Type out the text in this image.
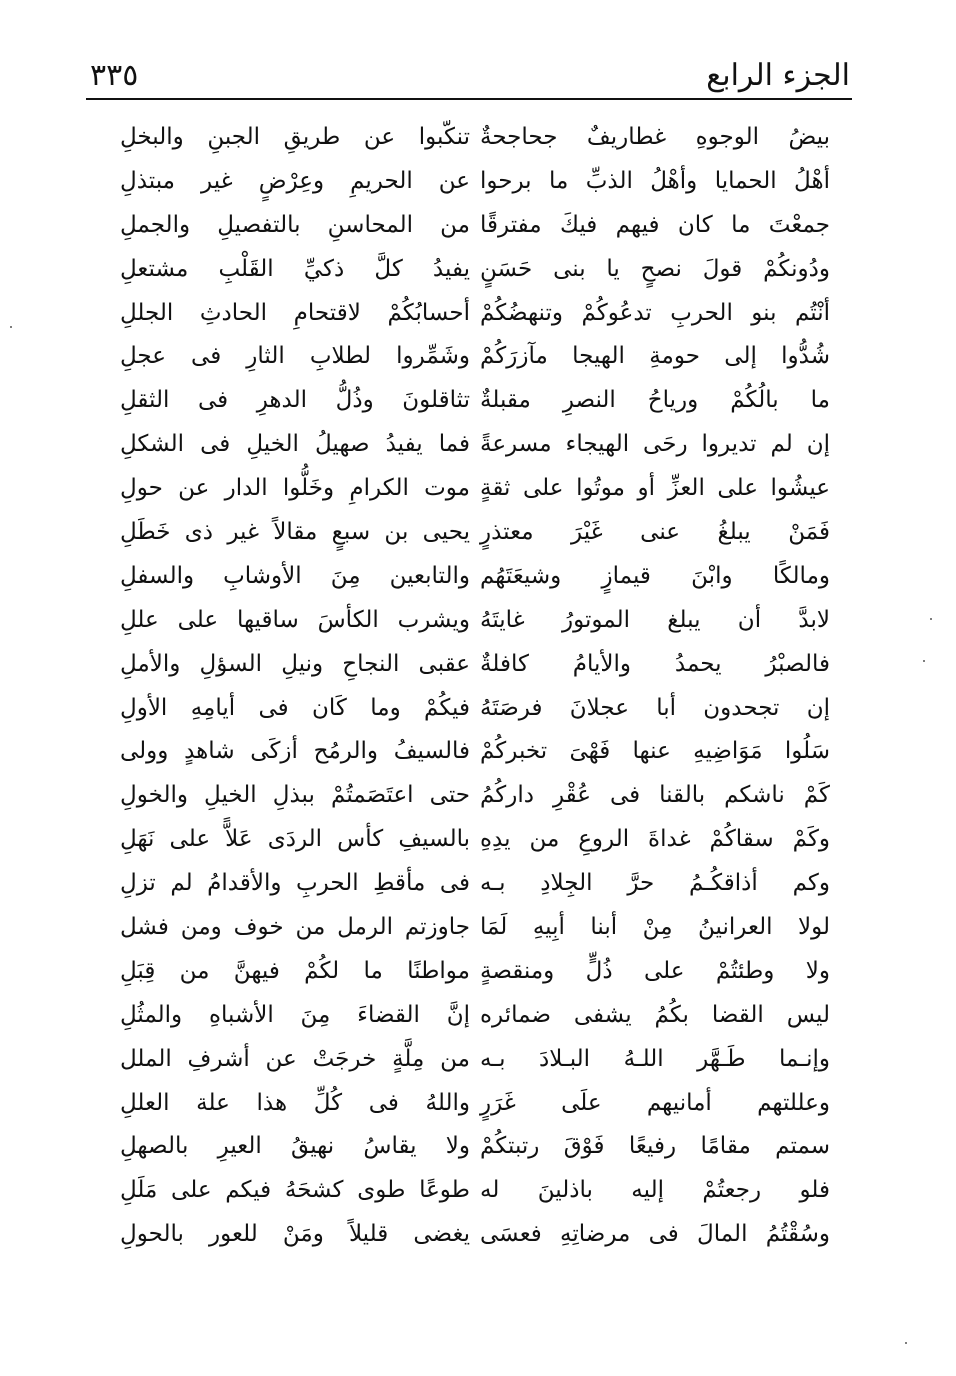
الجزء الرابع
٣٣٥
بيضُ الوجوهِ غطاريفٌ جحاجحةٌ
أهْلُ الحمايا وأهْلُ الذبِّ ما برحوا
جمعْتَ ما كان فيهم فيكَ مفترقًا
ودُونكُمْ قولَ نصحٍ يا بنى حَسَنٍ
أنْتُم بنو الحربِ تدعُوكُمْ وتنهضُكُمْ
شُدُّوا إلى حومةِ الهيجا مآزرَكُمْ
ما بالُكُمْ ورياحُ النصرِ مقبلةٌ
إن لم تديروا رحَى الهيجاء مسرعةً
عيشُوا على العزِّ أو موتُوا على ثقةٍ
فَمَنْ يبلغُ عنى غَيْرَ معتذرٍ
ومالكًا وابْنَ قيمازٍ وشيعَتَهُم
لابدَّ أن يبلغ الموتورُ غايتَهُ
فالصبْرُ يحمدُ والأيامُ كافلةٌ
إن تجحدون أبا عجلانَ فرصَتَهُ
سَلُوا مَوَاضِيهِ عنها فَهْىَ تخبركُمْ
كَمْ ناشكم بالقنا فى عُقْرِ داركُمُ
وكَمْ سقاكُمْ غداةَ الروعِ من يدِهِ
وكم أذاقكُـمُ حرَّ الجِلادِ بـه
لولا العرانينُ مِنْ أبنا أبِيهِ لَمَا
ولا وطئتُمْ على ذُلٍّ ومنقصةٍ
ليس القضا بكُمُ يشفى ضمائره
وإنـما طَـهَّر اللـهُ البـلادَ بـه
وعللتهم أمانيهم علَى غَرَرٍ
سمتم مقامًا رفيعًا فَوْقَ رتبتكُمْ
فلو رجعتُمْ إليه باذلينَ له
وسُقْتُمُ المالَ فى مرضاتِهِ فعسَى
تنكّبوا عن طريقِ الجبنِ والبخلِ
عن الحريمِ وعِرْضٍ غير مبتذلِ
من المحاسنِ بالتفصيلِ والجملِ
يفيدُ كلَّ ذكيِّ القَلْبِ مشتعلِ
أحسابُكُمْ لاقتحامِ الحادثِ الجللِ
وشَمِّروا لطلابِ الثارِ فى عجلِ
تثاقلونَ وذُلُّ الدهرِ فى الثقلِ
فما يفيدُ صهيلُ الخيلِ فى الشكلِ
موت الكرامِ وخَلُّوا الدار عن حولِ
يحيى بن سبعٍ مقالاً غير ذى خَطَلِ
والتابعين مِنَ الأوشابِ والسفلِ
ويشرب الكأسَ ساقيها على عللِ
عقبى النجاحِ ونيلِ السؤلِ والأملِ
فيكُمْ وما كَان فى أيامِهِ الأولِ
فالسيفُ والرمُح أزكَى شاهدٍ وولى
حتى اعتَصَمتُمْ ببذلِ الخيلِ والخولِ
بالسيفِ كأس الردَى عَلاًّ على نَهَلِ
فى مأقطِ الحربِ والأقدامُ لم تزلِ
جاوزتم الرمل من خوف ومن فشل
مواطنًا ما لكُمْ فيهنَّ من قِبَلِ
إنَّ القضاءَ مِنَ الأشباهِ والمثُلِ
من مِلَّةٍ خرجَتْ عن أشرفِ الملل
واللهُ فى كُلِّ هذا علة العللِ
ولا يقاسُ نهيقُ العيرِ بالصهلِ
طوعًا طوى كشحَهُ فيكم على مَلَلِ
يغضى قليلاً ومَنْ للعور بالحولِ
